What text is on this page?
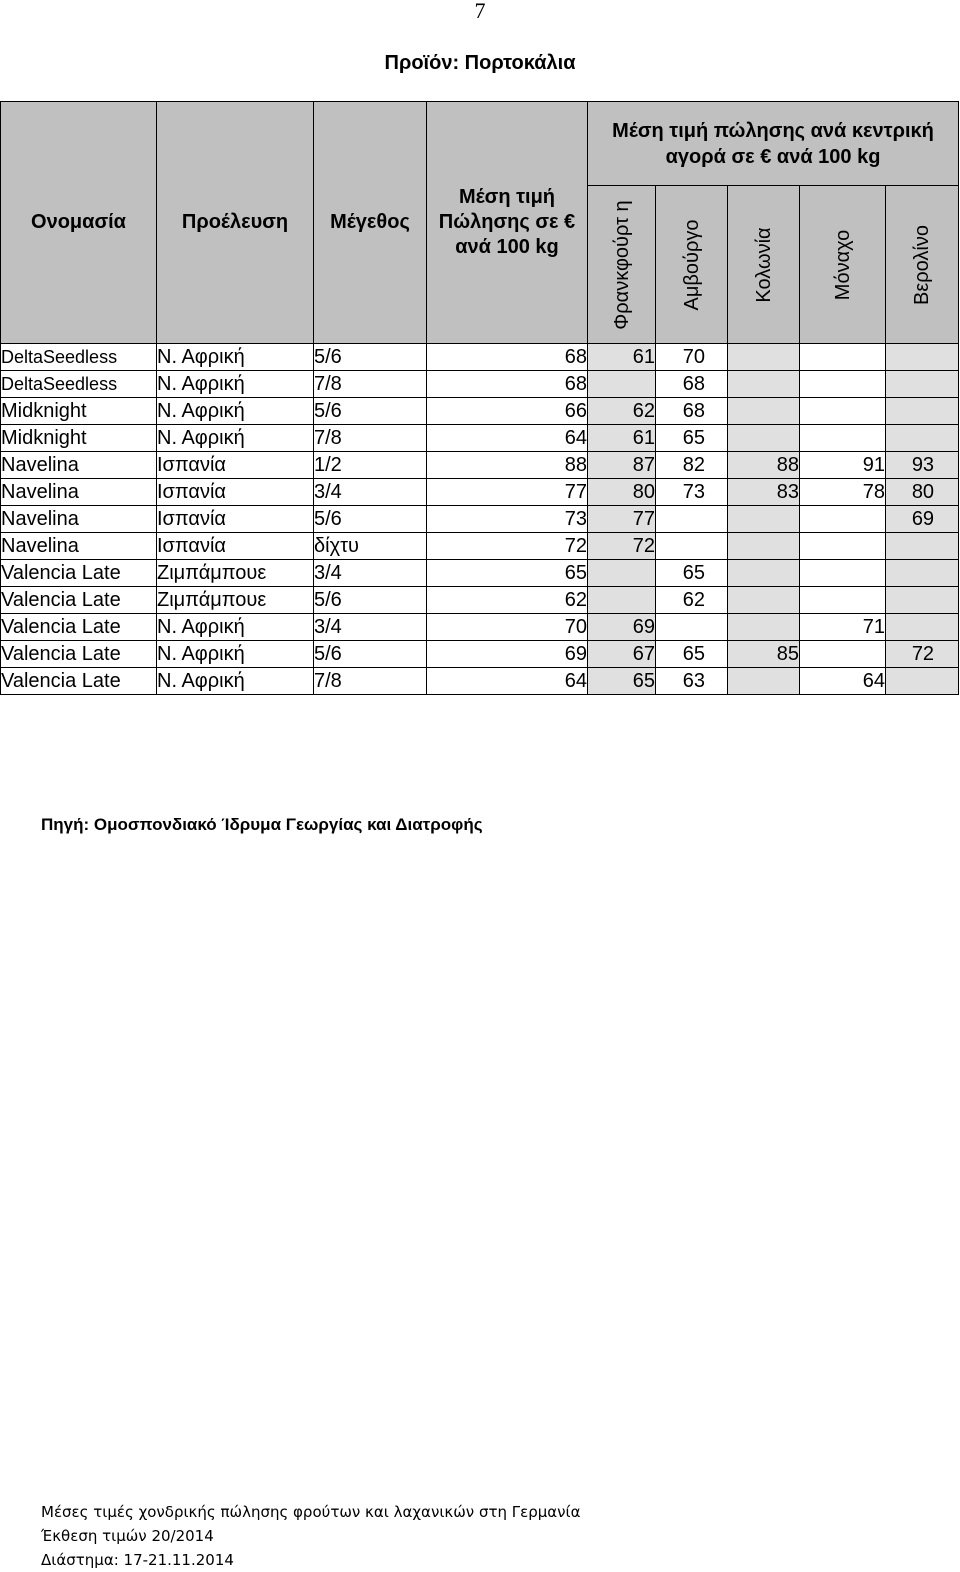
7
Προϊόν: Πορτοκάλια
Ονομασία	Προέλευση	Μέγεθος	Μέση τιμή Πώλησης σε € ανά 100 kg	Μέση τιμή πώλησης ανά κεντρική αγορά σε € ανά 100 kg				

				Φρανκφούρτ η	Αμβούργο	Κολωνία	Μόναχο	Βερολίνο

DeltaSeedless	Ν. Αφρική	5/6	68	61	70			
DeltaSeedless	Ν. Αφρική	7/8	68		68			
Midknight	Ν. Αφρική	5/6	66	62	68			
Midknight	Ν. Αφρική	7/8	64	61	65			
Navelina	Ισπανία	1/2	88	87	82	88	91	93
Navelina	Ισπανία	3/4	77	80	73	83	78	80
Navelina	Ισπανία	5/6	73	77				69
Navelina	Ισπανία	δίχτυ	72	72				
Valencia Late	Ζιμπάμπουε	3/4	65		65			
Valencia Late	Ζιμπάμπουε	5/6	62		62			
Valencia Late	Ν. Αφρική	3/4	70	69			71	
Valencia Late	Ν. Αφρική	5/6	69	67	65	85		72
Valencia Late	Ν. Αφρική	7/8	64	65	63		64	
Πηγή: Ομοσπονδιακό Ίδρυμα Γεωργίας και Διατροφής
Μέσες τιμές χονδρικής πώλησης φρούτων και λαχανικών στη Γερμανία
Έκθεση τιμών 20/2014
Διάστημα: 17-21.11.2014
